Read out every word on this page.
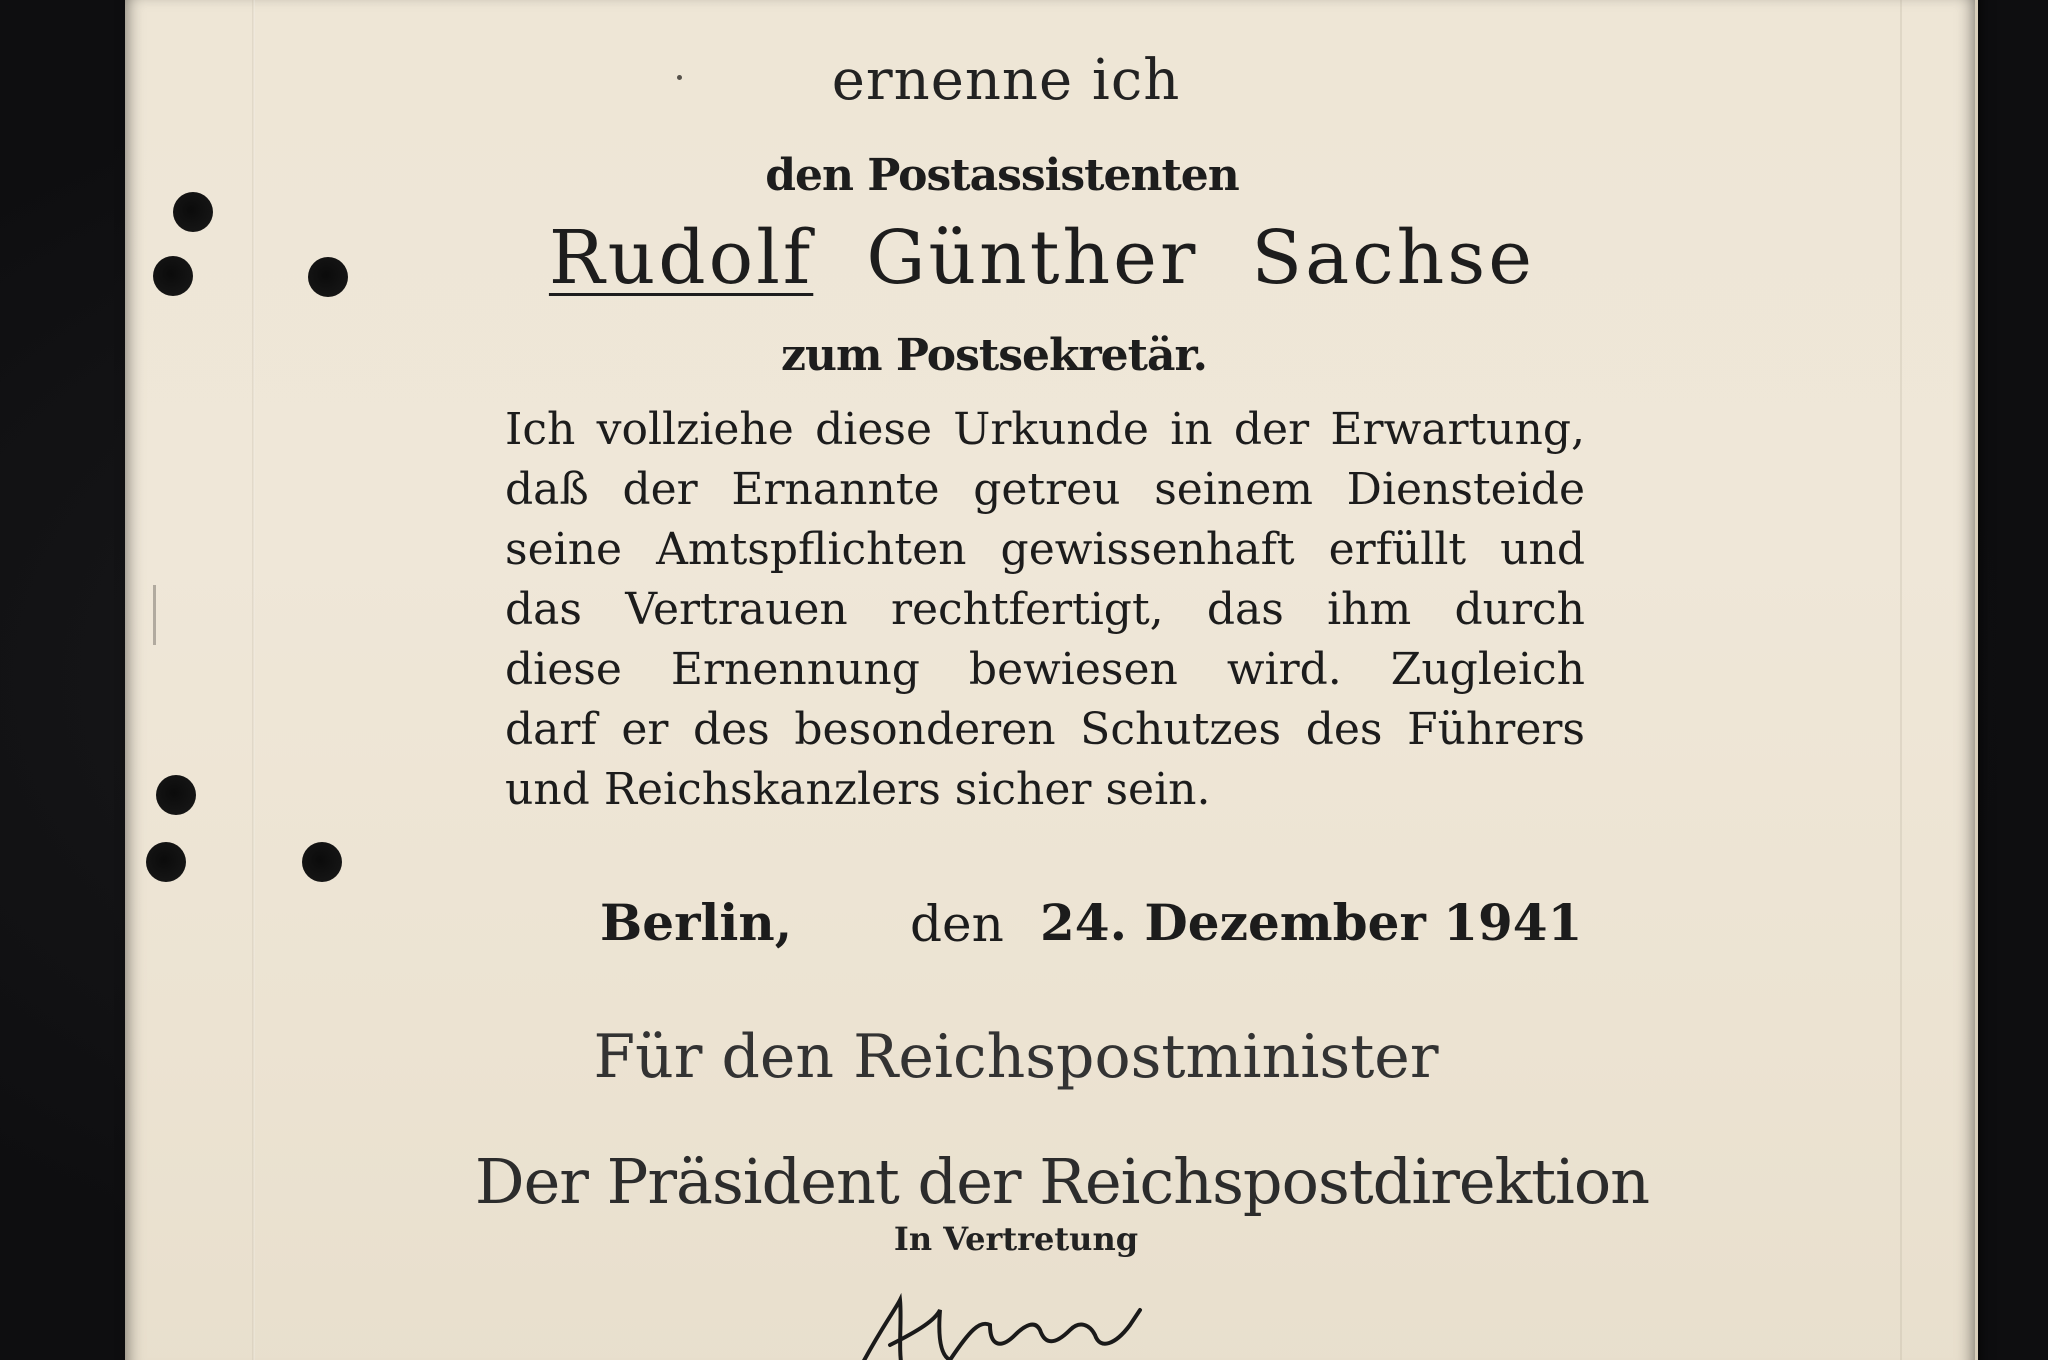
ernenne ich
den Postassistenten
Rudolf Günther Sachse
zum Postsekretär.
Ich vollziehe diese Urkunde in der Erwartung,
daß der Ernannte getreu seinem Diensteide
seine Amtspflichten gewissenhaft erfüllt und
das Vertrauen rechtfertigt, das ihm durch
diese Ernennung bewiesen wird. Zugleich
darf er des besonderen Schutzes des Führers
und Reichskanzlers sicher sein.
Berlin, den 24. Dezember 1941
Für den Reichspostminister
Der Präsident der Reichspostdirektion
In Vertretung
